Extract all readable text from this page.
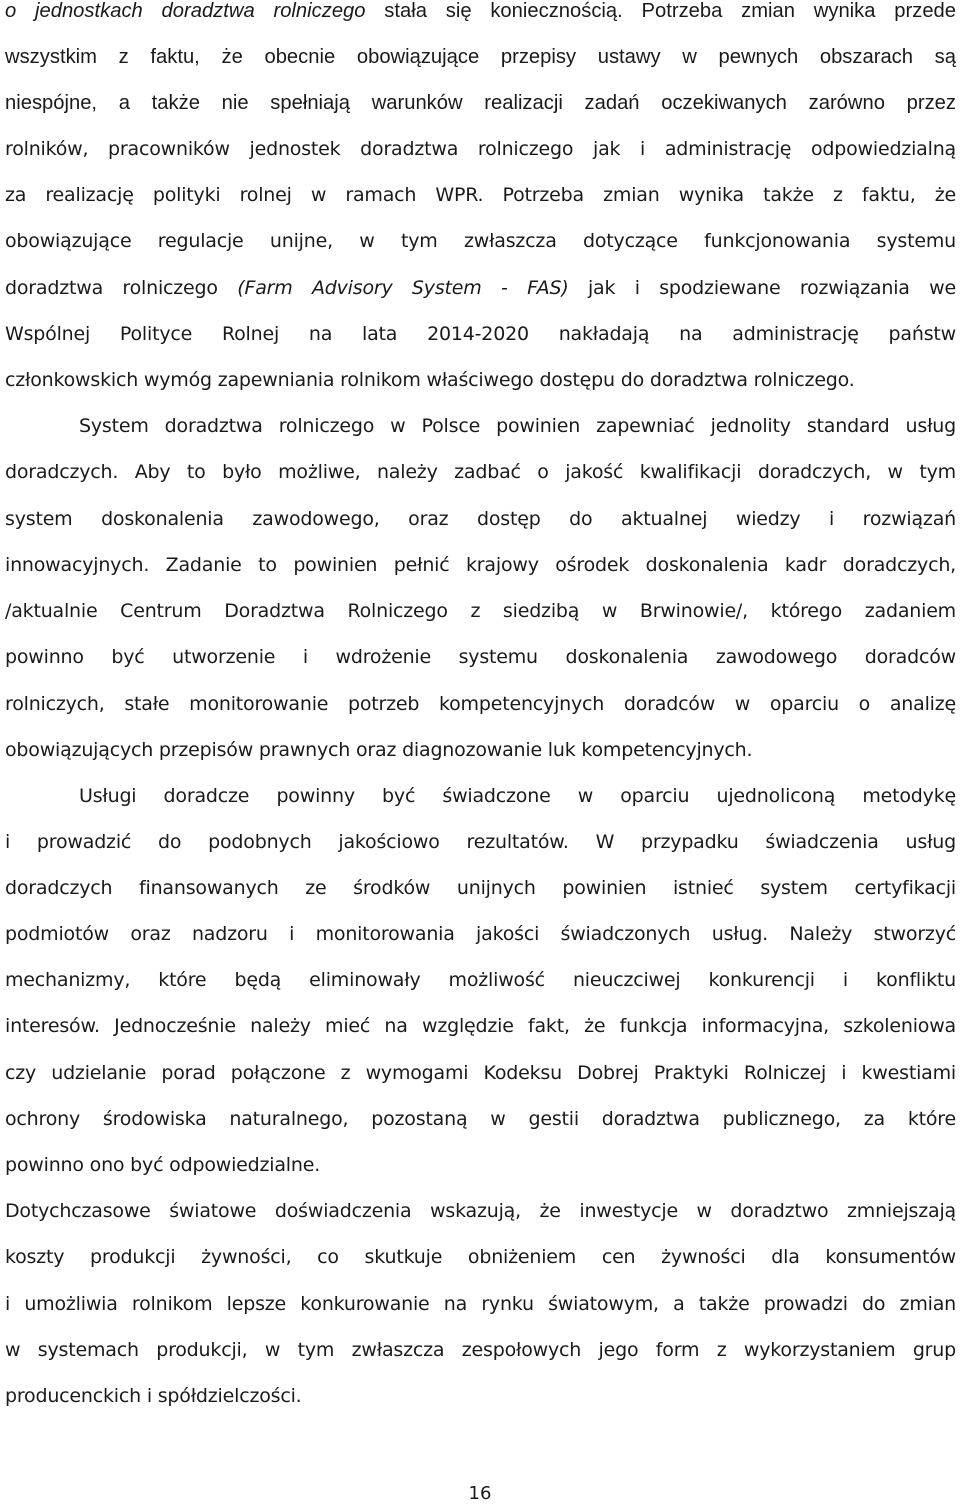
o jednostkach doradztwa rolniczego stała się koniecznością. Potrzeba zmian wynika przede
wszystkim z faktu, że obecnie obowiązujące przepisy ustawy w pewnych obszarach są
niespójne, a także nie spełniają warunków realizacji zadań oczekiwanych zarówno przez
rolników, pracowników jednostek doradztwa rolniczego jak i administrację odpowiedzialną
za realizację polityki rolnej w ramach WPR. Potrzeba zmian wynika także z faktu, że
obowiązujące regulacje unijne, w tym zwłaszcza dotyczące funkcjonowania systemu
doradztwa rolniczego (Farm Advisory System - FAS) jak i spodziewane rozwiązania we
Wspólnej Polityce Rolnej na lata 2014-2020 nakładają na administrację państw
członkowskich wymóg zapewniania rolnikom właściwego dostępu do doradztwa rolniczego.
System doradztwa rolniczego w Polsce powinien zapewniać jednolity standard usług
doradczych. Aby to było możliwe, należy zadbać o jakość kwalifikacji doradczych, w tym
system doskonalenia zawodowego, oraz dostęp do aktualnej wiedzy i rozwiązań
innowacyjnych. Zadanie to powinien pełnić krajowy ośrodek doskonalenia kadr doradczych,
/aktualnie Centrum Doradztwa Rolniczego z siedzibą w Brwinowie/, którego zadaniem
powinno być utworzenie i wdrożenie systemu doskonalenia zawodowego doradców
rolniczych, stałe monitorowanie potrzeb kompetencyjnych doradców w oparciu o analizę
obowiązujących przepisów prawnych oraz diagnozowanie luk kompetencyjnych.
Usługi doradcze powinny być świadczone w oparciu ujednoliconą metodykę
i prowadzić do podobnych jakościowo rezultatów. W przypadku świadczenia usług
doradczych finansowanych ze środków unijnych powinien istnieć system certyfikacji
podmiotów oraz nadzoru i monitorowania jakości świadczonych usług. Należy stworzyć
mechanizmy, które będą eliminowały możliwość nieuczciwej konkurencji i konfliktu
interesów. Jednocześnie należy mieć na względzie fakt, że funkcja informacyjna, szkoleniowa
czy udzielanie porad połączone z wymogami Kodeksu Dobrej Praktyki Rolniczej i kwestiami
ochrony środowiska naturalnego, pozostaną w gestii doradztwa publicznego, za które
powinno ono być odpowiedzialne.
Dotychczasowe światowe doświadczenia wskazują, że inwestycje w doradztwo zmniejszają
koszty produkcji żywności, co skutkuje obniżeniem cen żywności dla konsumentów
i umożliwia rolnikom lepsze konkurowanie na rynku światowym, a także prowadzi do zmian
w systemach produkcji, w tym zwłaszcza zespołowych jego form z wykorzystaniem grup
producenckich i spółdzielczości.
16
